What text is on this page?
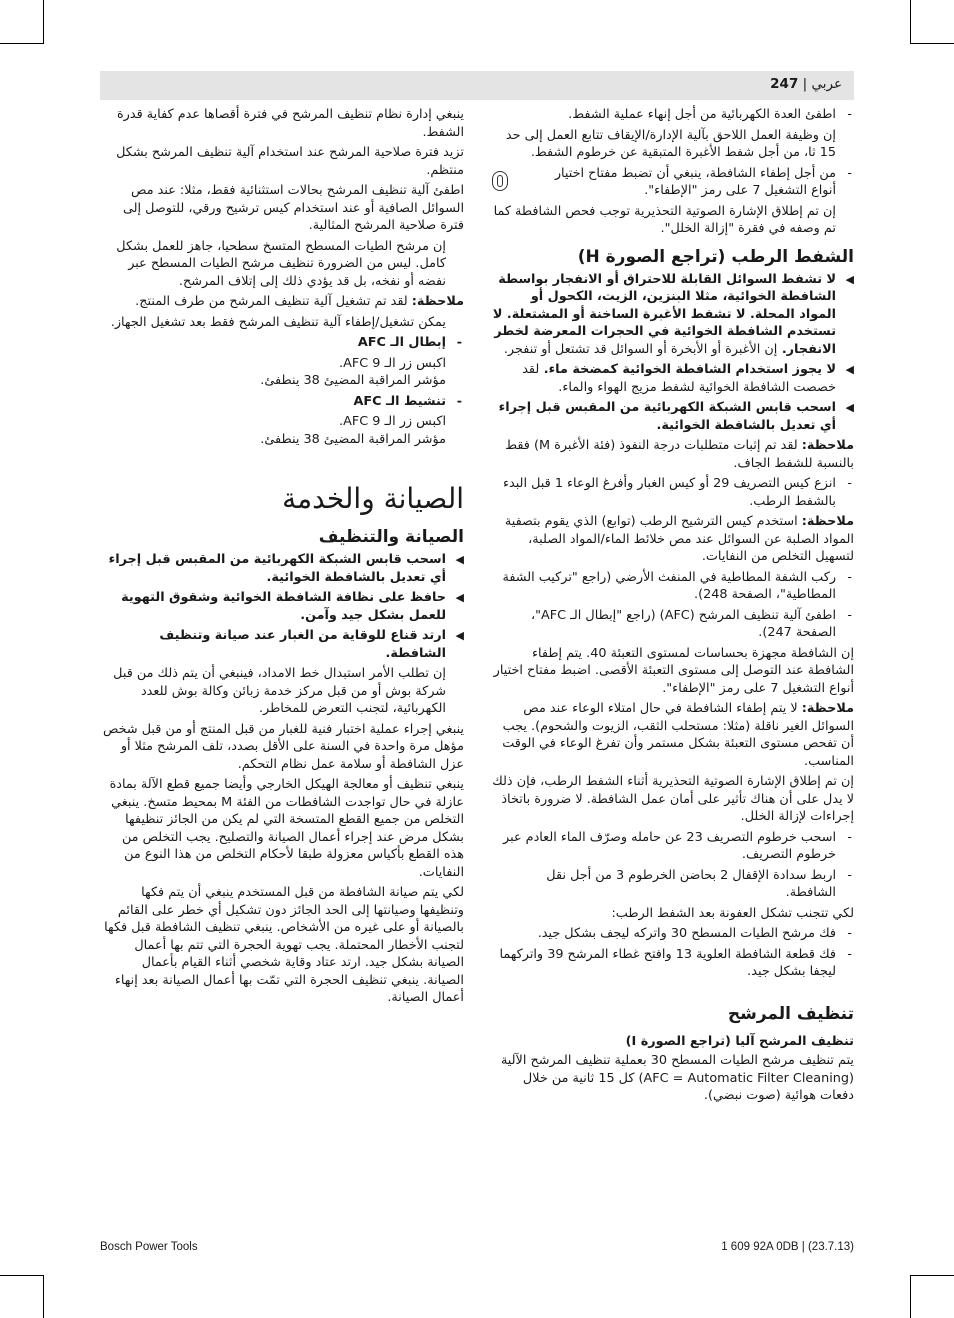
عربي | 247
- اطفئ العدة الكهربائية من أجل إنهاء عملية الشفط.

إن وظيفة العمل اللاحق بآلية الإدارة/الإيقاف تتابع العمل إلى حد 15 ثا، من أجل شفط الأغبرة المتبقية عن خرطوم الشفط.

- من أجل إطفاء الشافطة، ينبغي أن تضبط مفتاح اختيار أنواع التشغيل 7 على رمز "الإطفاء".

إن تم إطلاق الإشارة الصوتية التحذيرية توجب فحص الشافطة كما تم وصفه في فقرة "إزالة الخلل".

الشفط الرطب (تراجع الصورة H)
◀
لا تشفط السوائل القابلة للاحتراق أو الانفجار بواسطة الشافطة الخوائية، مثلا البنزين، الزيت، الكحول أو المواد المحلة. لا تشفط الأغبرة الساخنة أو المشتعلة. لا تستخدم الشافطة الخوائية في الحجرات المعرضة لخطر الانفجار. إن الأغبرة أو الأبخرة أو السوائل قد تشتعل أو تنفجر.
◀
لا يجوز استخدام الشافطة الخوائية كمضخة ماء. لقد خصصت الشافطة الخوائية لشفط مزيج الهواء والماء.
◀
اسحب قابس الشبكة الكهربائية من المقبس قبل إجراء أي تعديل بالشافطة الخوائية.

ملاحظة: لقد تم إثبات متطلبات درجة النفوذ (فئة الأغبرة M) فقط بالنسبة للشفط الجاف.

- انزع كيس التصريف 29 أو كيس الغبار وأفرغ الوعاء 1 قبل البدء بالشفط الرطب.

ملاحظة: استخدم كيس الترشيح الرطب (توابع) الذي يقوم بتصفية المواد الصلبة عن السوائل عند مص خلائط الماء/المواد الصلبة، لتسهيل التخلص من النفايات.

- ركب الشفة المطاطية في المنفث الأرضي (راجع "تركيب الشفة المطاطية"، الصفحة 248).
- اطفئ آلية تنظيف المرشح (AFC) (راجع "إبطال الـ AFC"، الصفحة 247).

إن الشافطة مجهزة بحساسات لمستوى التعبئة 40. يتم إطفاء الشافطة عند التوصل إلى مستوى التعبئة الأقصى. اضبط مفتاح اختيار أنواع التشغيل 7 على رمز "الإطفاء".

ملاحظة: لا يتم إطفاء الشافطة في حال امتلاء الوعاء عند مص السوائل الغير ناقلة (مثلا: مستحلب الثقب، الزيوت والشحوم). يجب أن تفحص مستوى التعبئة بشكل مستمر وأن تفرغ الوعاء في الوقت المناسب.

إن تم إطلاق الإشارة الصوتية التحذيرية أثناء الشفط الرطب، فإن ذلك لا يدل على أن هناك تأثير على أمان عمل الشافطة. لا ضرورة باتخاذ إجراءات لإزالة الخلل.

- اسحب خرطوم التصريف 23 عن حامله وصرّف الماء العادم عبر خرطوم التصريف.
- اربط سدادة الإقفال 2 بحاضن الخرطوم 3 من أجل نقل الشافطة.

لكي تتجنب تشكل العفونة بعد الشفط الرطب:

- فك مرشح الطيات المسطح 30 واتركه ليجف بشكل جيد.
- فك قطعة الشافطة العلوية 13 وافتح غطاء المرشح 39 واتركهما ليجفا بشكل جيد.
تنظيف المرشح
تنظيف المرشح آليا (تراجع الصورة I)

يتم تنظيف مرشح الطيات المسطح 30 بعملية تنظيف المرشح الآلية (AFC = Automatic Filter Cleaning) كل 15 ثانية من خلال دفعات هوائية (صوت نبضي).

ينبغي إدارة نظام تنظيف المرشح في فترة أقصاها عدم كفاية قدرة الشفط.

تزيد فترة صلاحية المرشح عند استخدام آلية تنظيف المرشح بشكل منتظم.

اطفئ آلية تنظيف المرشح بحالات استثنائية فقط، مثلا: عند مص السوائل الصافية أو عند استخدام كيس ترشيح ورقي، للتوصل إلى فترة صلاحية المرشح المثالية.

إن مرشح الطيات المسطح المتسخ سطحيا، جاهز للعمل بشكل كامل. ليس من الضرورة تنظيف مرشح الطيات المسطح عبر نفضه أو نفخه، بل قد يؤدي ذلك إلى إتلاف المرشح.

ملاحظة: لقد تم تشغيل آلية تنظيف المرشح من طرف المنتج.

يمكن تشغيل/إطفاء آلية تنظيف المرشح فقط بعد تشغيل الجهاز.

- إبطال الـ AFC
اكبس زر الـ 9 AFC.
مؤشر المراقبة المضيئ 38 ينطفئ.
- تنشيط الـ AFC
اكبس زر الـ 9 AFC.
مؤشر المراقبة المضيئ 38 ينطفئ.
الصيانة والخدمة
الصيانة والتنظيف
◀
اسحب قابس الشبكة الكهربائية من المقبس قبل إجراء أي تعديل بالشافطة الخوائية.
◀
حافظ على نظافة الشافطة الخوائية وشقوق التهوية للعمل بشكل جيد وآمن.
◀
ارتد قناع للوقاية من الغبار عند صيانة وتنظيف الشافطة.

إن تطلب الأمر استبدال خط الامداد، فينبغي أن يتم ذلك من قبل شركة بوش أو من قبل مركز خدمة زبائن وكالة بوش للعدد الكهربائية، لتجنب التعرض للمخاطر.

ينبغي إجراء عملية اختبار فنية للغبار من قبل المنتج أو من قبل شخص مؤهل مرة واحدة في السنة على الأقل بصدد، تلف المرشح مثلا أو عزل الشافطة أو سلامة عمل نظام التحكم.

ينبغي تنظيف أو معالجة الهيكل الخارجي وأيضا جميع قطع الآلة بمادة عازلة في حال تواجدت الشافطات من الفئة M بمحيط متسخ. ينبغي التخلص من جميع القطع المتسخة التي لم يكن من الجائز تنظيفها بشكل مرض عند إجراء أعمال الصيانة والتصليح. يجب التخلص من هذه القطع بأكياس معزولة طبقا لأحكام التخلص من هذا النوع من النفايات.

لكي يتم صيانة الشافطة من قبل المستخدم ينبغي أن يتم فكها وتنظيفها وصيانتها إلى الحد الجائز دون تشكيل أي خطر على القائم بالصيانة أو على غيره من الأشخاص. ينبغي تنظيف الشافطة قبل فكها لتجنب الأخطار المحتملة. يجب تهوية الحجرة التي تتم بها أعمال الصيانة بشكل جيد. ارتد عتاد وقاية شخصي أثناء القيام بأعمال الصيانة. ينبغي تنظيف الحجرة التي تمّت بها أعمال الصيانة بعد إنهاء أعمال الصيانة.

Bosch Power Tools	1 609 92A 0DB | (23.7.13)
